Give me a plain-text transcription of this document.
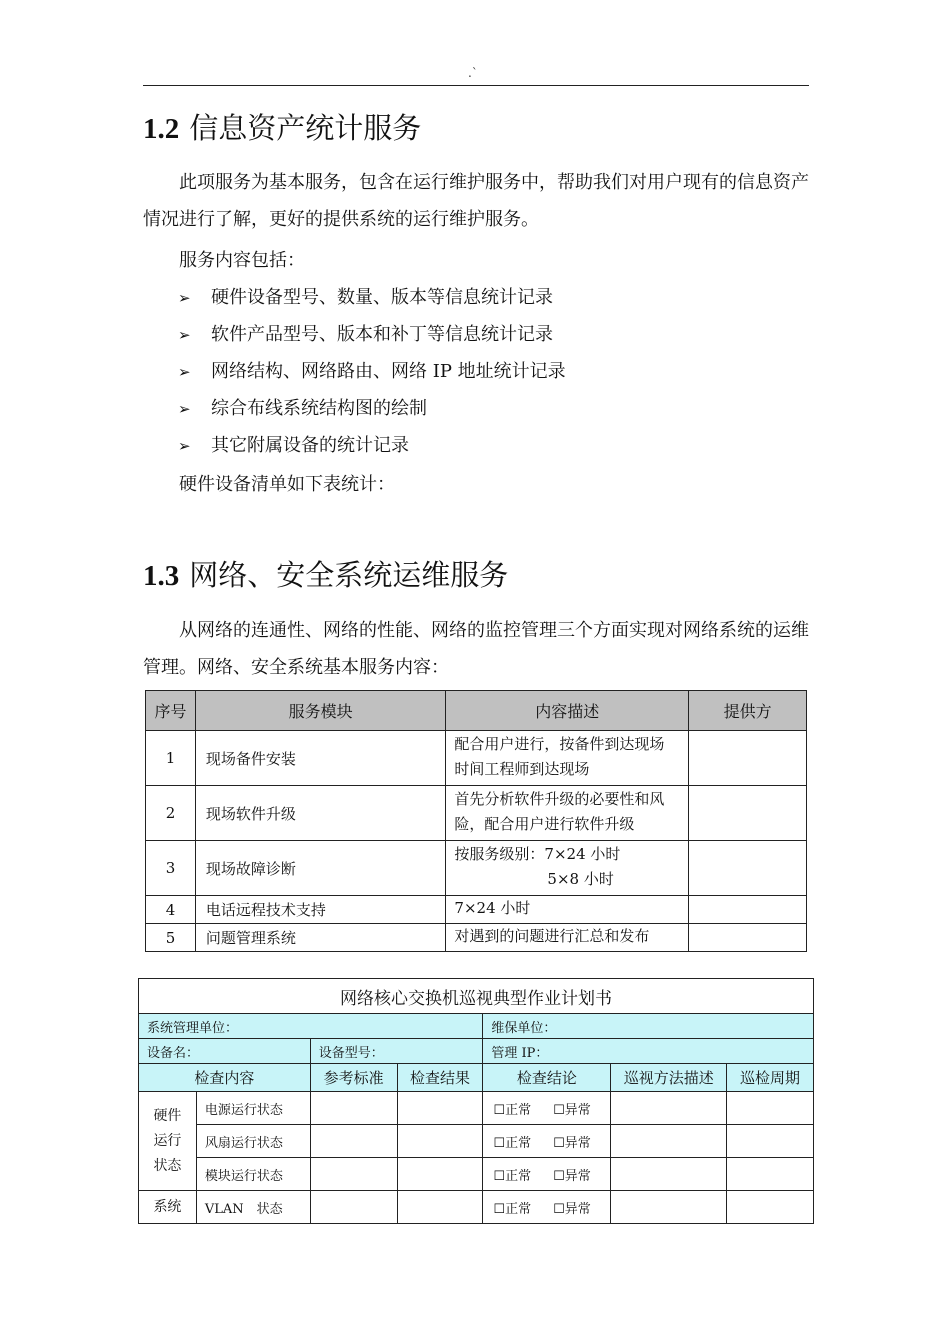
.`
1.2 信息资产统计服务
此项服务为基本服务，包含在运行维护服务中，帮助我们对用户现有的信息资产情况进行了解，更好的提供系统的运行维护服务。
服务内容包括：
➢ 硬件设备型号、数量、版本等信息统计记录
➢ 软件产品型号、版本和补丁等信息统计记录
➢ 网络结构、网络路由、网络 IP 地址统计记录
➢ 综合布线系统结构图的绘制
➢ 其它附属设备的统计记录
硬件设备清单如下表统计：
1.3 网络、安全系统运维服务
从网络的连通性、网络的性能、网络的监控管理三个方面实现对网络系统的运维管理。网络、安全系统基本服务内容：
序号	服务模块	内容描述	提供方
1	现场备件安装	配合用户进行，按备件到达现场
时间工程师到达现场	

2	现场软件升级	首先分析软件升级的必要性和风
险，配合用户进行软件升级	

3	现场故障诊断	按服务级别：7×24 小时
5×8 小时	

4	电话远程技术支持	7×24 小时	
5	问题管理系统	对遇到的问题进行汇总和发布	
网络核心交换机巡视典型作业计划书						
系统管理单位：				维保单位：		
设备名：		设备型号：		管理 IP：		
检查内容		参考标准	检查结果	检查结论	巡视方法描述	巡检周期

硬件
运行
状态	电源运行状态			☐正常 ☐异常		
	风扇运行状态			☐正常 ☐异常		
	模块运行状态			☐正常 ☐异常		
系统	VLAN　状态			☐正常 ☐异常		
